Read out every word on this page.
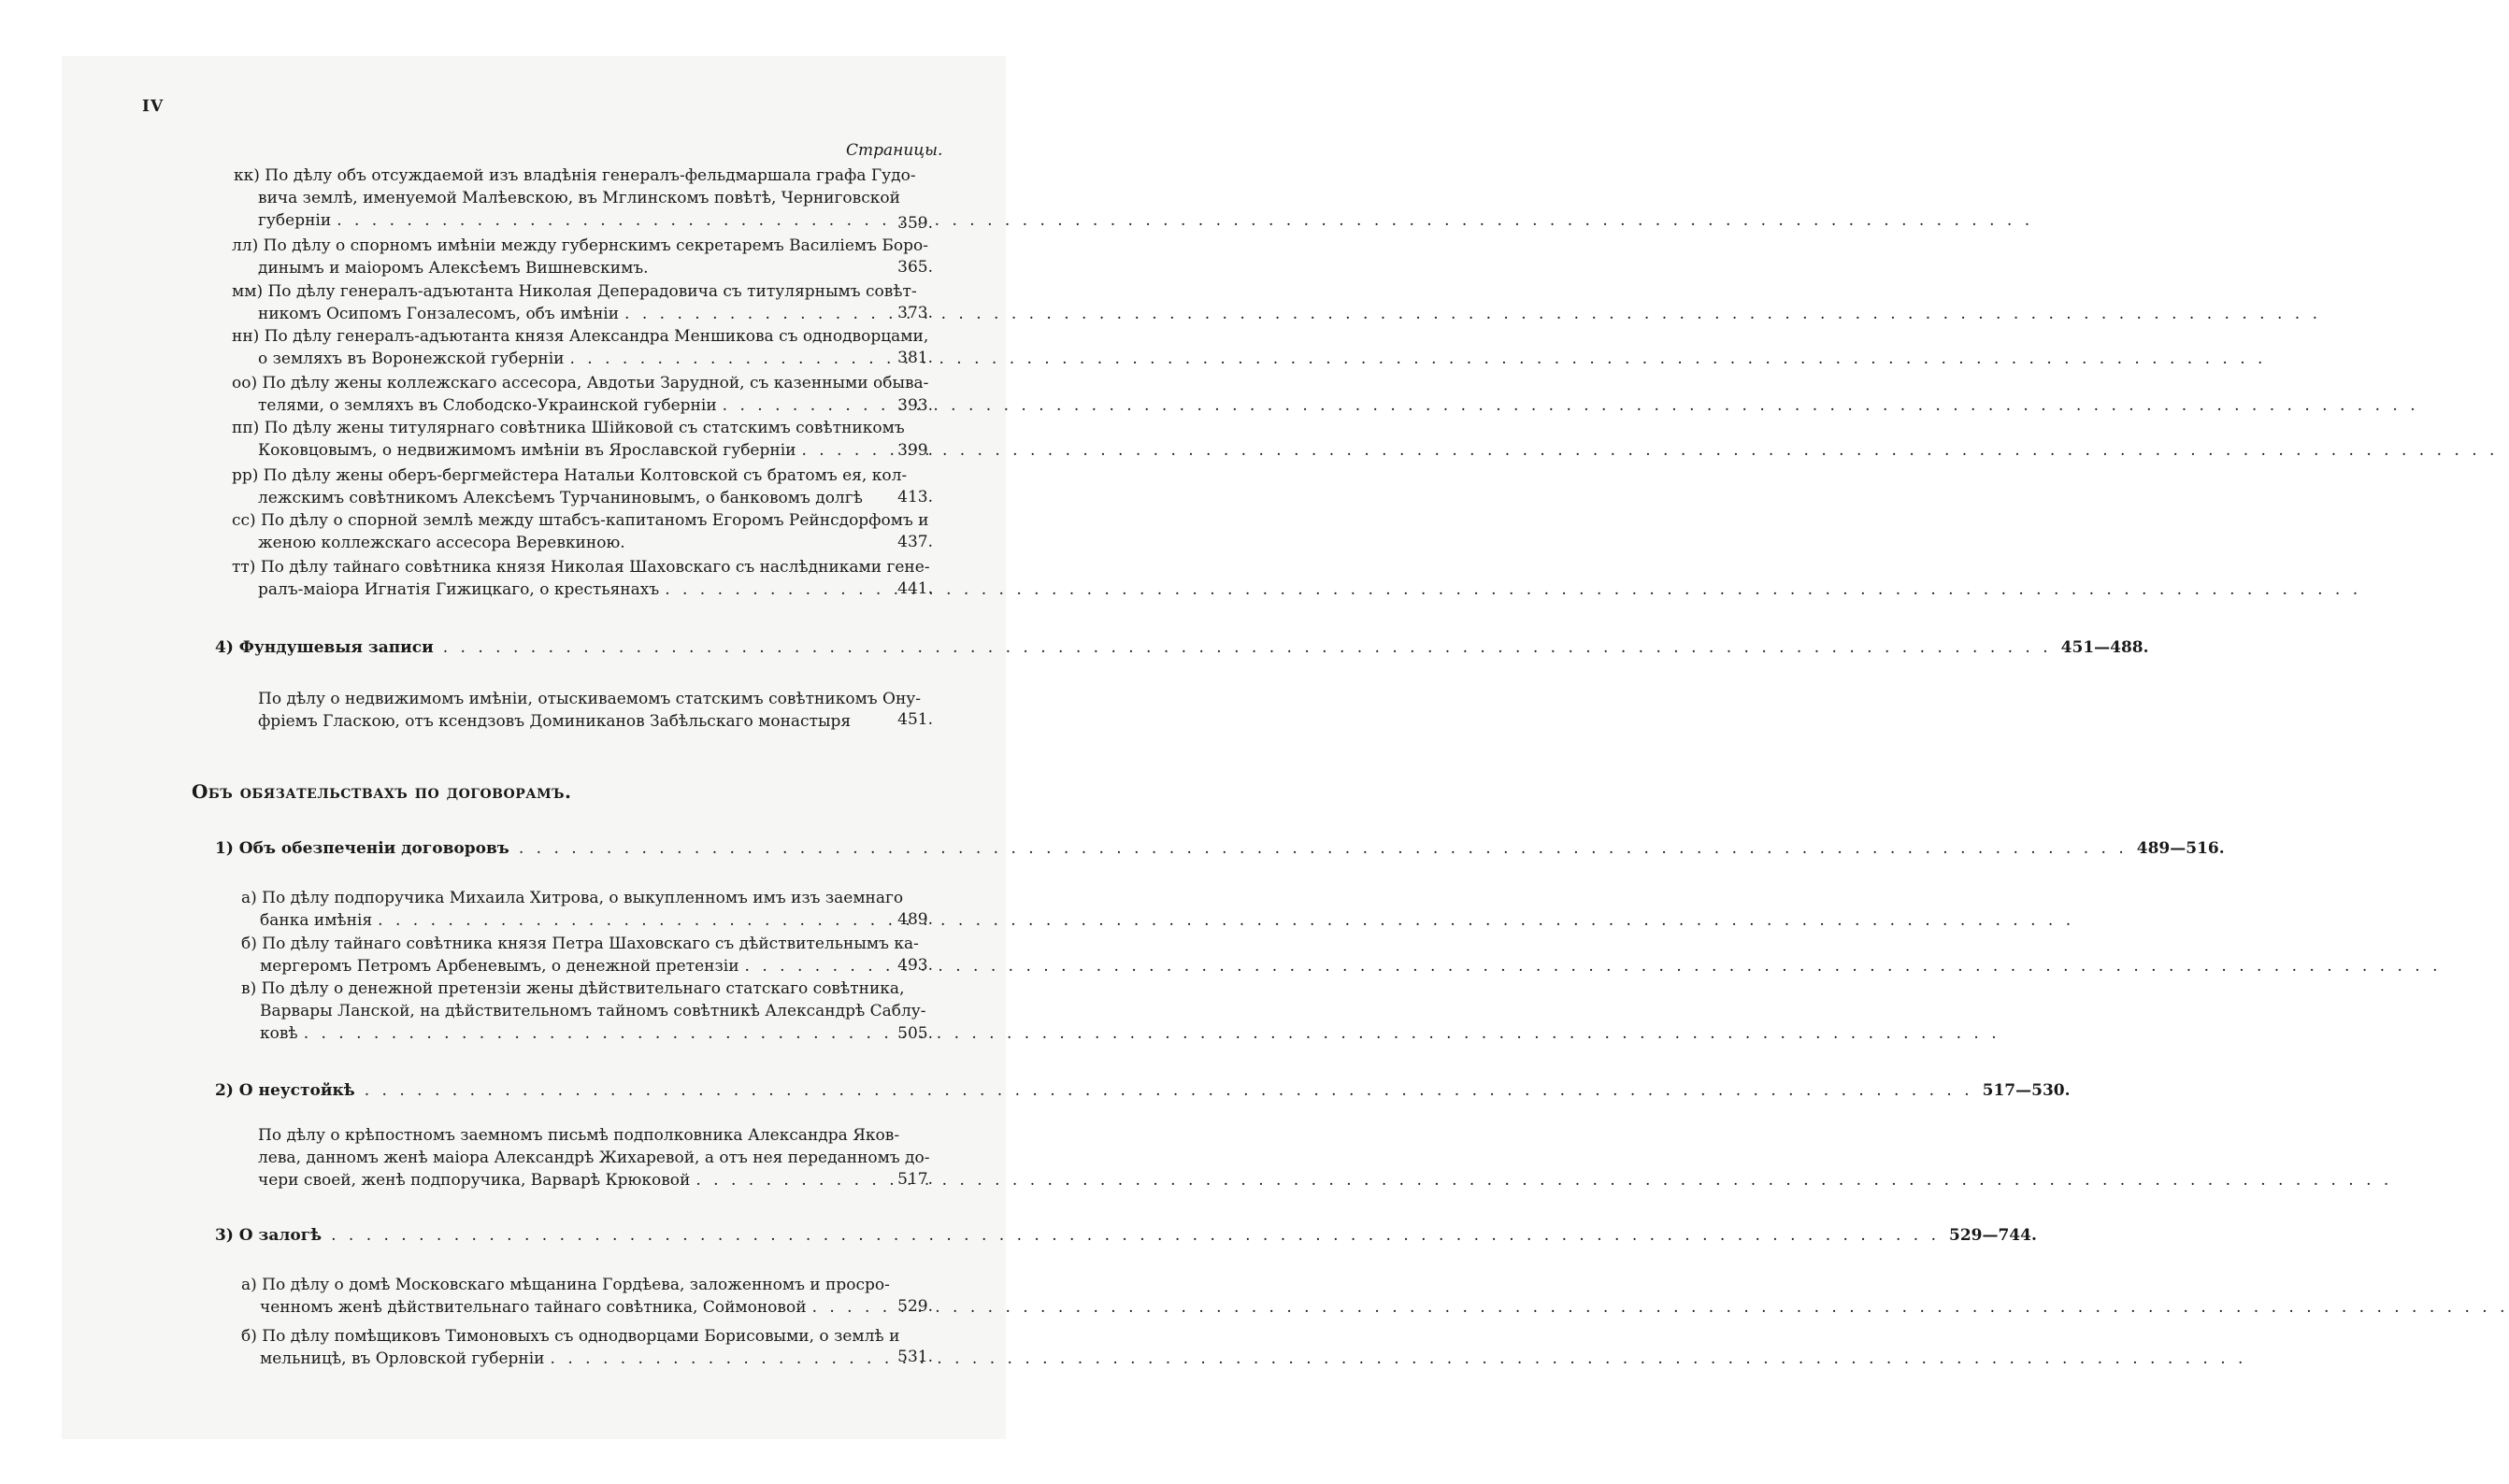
IV
Страницы.
кк) По дѣлу объ отсуждаемой изъ владѣнія генералъ-фельдмаршала графа Гудо-
вича землѣ, именуемой Малѣевскою, въ Мглинскомъ повѣтѣ, Черниговской
губерніи . . .	359.
лл) По дѣлу о спорномъ имѣніи между губернскимъ секретаремъ Василіемъ Боро-
динымъ и маіоромъ Алексѣемъ Вишневскимъ.	365.
мм) По дѣлу генералъ-адъютанта Николая Деперадовича съ титулярнымъ совѣт-
никомъ Осипомъ Гонзалесомъ, объ имѣніи . . .	373.
нн) По дѣлу генералъ-адъютанта князя Александра Меншикова съ однодворцами,
о земляхъ въ Воронежской губерніи . . .	381.
оо) По дѣлу жены коллежскаго ассесора, Авдотьи Зарудной, съ казенными обыва-
телями, о земляхъ въ Слободско-Украинской губерніи . . .	393.
пп) По дѣлу жены титулярнаго совѣтника Шійковой съ статскимъ совѣтникомъ
Коковцовымъ, о недвижимомъ имѣніи въ Ярославской губерніи . . .	399.
рр) По дѣлу жены оберъ-бергмейстера Натальи Колтовской съ братомъ ея, кол-
лежскимъ совѣтникомъ Алексѣемъ Турчаниновымъ, о банковомъ долгѣ	413.
сс) По дѣлу о спорной землѣ между штабсъ-капитаномъ Егоромъ Рейнсдорфомъ и
женою коллежскаго ассесора Веревкиною.	437.
тт) По дѣлу тайнаго совѣтника князя Николая Шаховскаго съ наслѣдниками гене-
ралъ-маіора Игнатія Гижицкаго, о крестьянахъ . . .	441.
4) Фундушевыя записи . . .	451—488.
По дѣлу о недвижимомъ имѣніи, отыскиваемомъ статскимъ совѣтникомъ Ону-
фріемъ Гласкою, отъ ксендзовъ Доминиканов Забѣльскаго монастыря	451.
Объ обязательствахъ по договорамъ.
1) Объ обезпеченіи договоровъ . . .	489—516.
а) По дѣлу подпоручика Михаила Хитрова, о выкупленномъ имъ изъ заемнаго
банка имѣнія . . .	489.
б) По дѣлу тайнаго совѣтника князя Петра Шаховскаго съ дѣйствительнымъ ка-
мергеромъ Петромъ Арбеневымъ, о денежной претензіи . . .	493.
в) По дѣлу о денежной претензіи жены дѣйствительнаго статскаго совѣтника,
Варвары Ланской, на дѣйствительномъ тайномъ совѣтникѣ Александрѣ Саблу-
ковѣ . . .	505.
2) О неустойкѣ . . .	517—530.
По дѣлу о крѣпостномъ заемномъ письмѣ подполковника Александра Яков-
лева, данномъ женѣ маіора Александрѣ Жихаревой, а отъ нея переданномъ до-
чери своей, женѣ подпоручика, Варварѣ Крюковой . . .	517.
3) О залогѣ . . .	529—744.
а) По дѣлу о домѣ Московскаго мѣщанина Гордѣева, заложенномъ и просро-
ченномъ женѣ дѣйствительнаго тайнаго совѣтника, Соймоновой . . .	529.
б) По дѣлу помѣщиковъ Тимоновыхъ съ однодворцами Борисовыми, о землѣ и
мельницѣ, въ Орловской губерніи . . .	531.
